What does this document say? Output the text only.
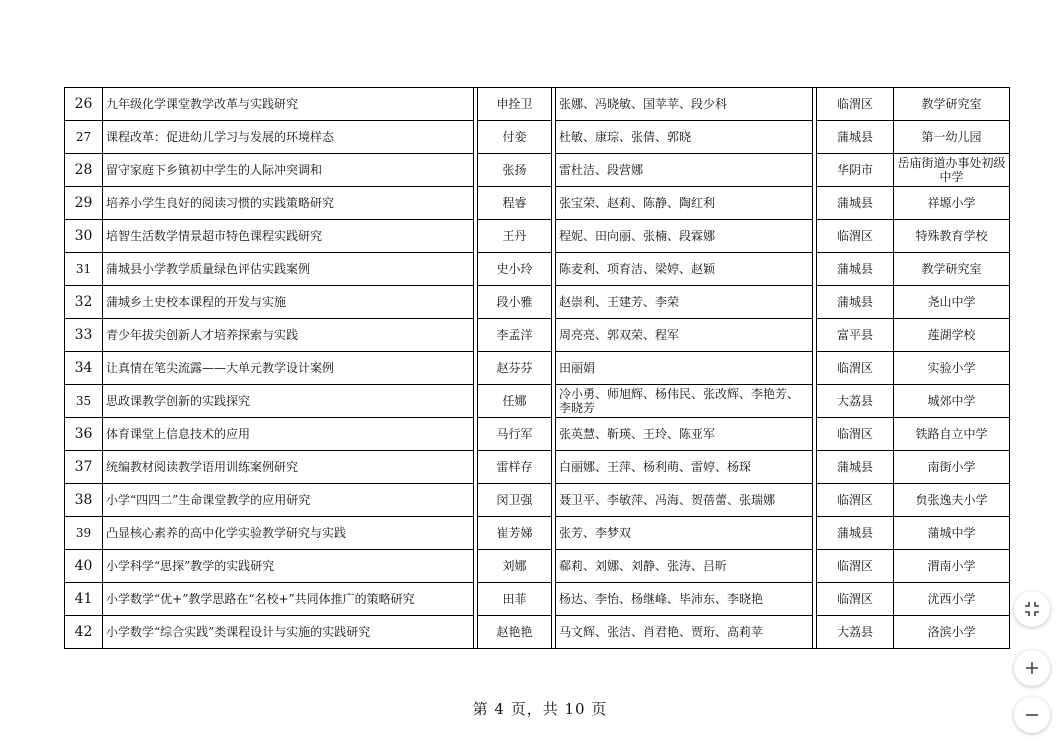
26	九年级化学课堂教学改革与实践研究		申拴卫		张娜、冯晓敏、国苹苹、段少科		临渭区	教学研究室
27	课程改革：促进幼儿学习与发展的环境样态		付娈		杜敏、康琮、张倩、郭晓		蒲城县	第一幼儿园
28	留守家庭下乡镇初中学生的人际冲突调和		张扬		雷杜洁、段营娜		华阴市	岳庙街道办事处初级中学
29	培养小学生良好的阅读习惯的实践策略研究		程睿		张宝荣、赵莉、陈静、陶红利		蒲城县	祥塬小学
30	培智生活数学情景超市特色课程实践研究		王丹		程妮、田向丽、张楠、段霖娜		临渭区	特殊教育学校
31	蒲城县小学教学质量绿色评估实践案例		史小玲		陈麦利、项育洁、梁婷、赵颖		蒲城县	教学研究室
32	蒲城乡土史校本课程的开发与实施		段小雅		赵崇利、王建芳、李荣		蒲城县	尧山中学
33	青少年拔尖创新人才培养探索与实践		李孟洋		周亮亮、郭双荣、程军		富平县	莲湖学校
34	让真情在笔尖流露——大单元教学设计案例		赵芬芬		田丽娟		临渭区	实验小学
35	思政课教学创新的实践探究		任娜		冷小勇、师旭辉、杨伟民、张改辉、李艳芳、李晓芳		大荔县	城郊中学
36	体育课堂上信息技术的应用		马行军		张英慧、靳瑛、王玲、陈亚军		临渭区	铁路自立中学
37	统编教材阅读教学语用训练案例研究		雷样存		白丽娜、王萍、杨利萌、雷婷、杨琛		蒲城县	南街小学
38	小学“四四二”生命课堂教学的应用研究		闵卫强		聂卫平、李敏萍、冯海、贺蓓蕾、张瑞娜		临渭区	贠张逸夫小学
39	凸显核心素养的高中化学实验教学研究与实践		崔芳娣		张芳、李梦双		蒲城县	蒲城中学
40	小学科学“思探”教学的实践研究		刘娜		郗莉、刘娜、刘静、张涛、吕昕		临渭区	渭南小学
41	小学数学“优+”教学思路在“名校+”共同体推广的策略研究		田菲		杨达、李怡、杨继峰、毕沛东、李晓艳		临渭区	沋西小学
42	小学数学“综合实践”类课程设计与实施的实践研究		赵艳艳		马文辉、张洁、肖君艳、贾珩、高莉苹		大荔县	洛滨小学
第 4 页，共 10 页
